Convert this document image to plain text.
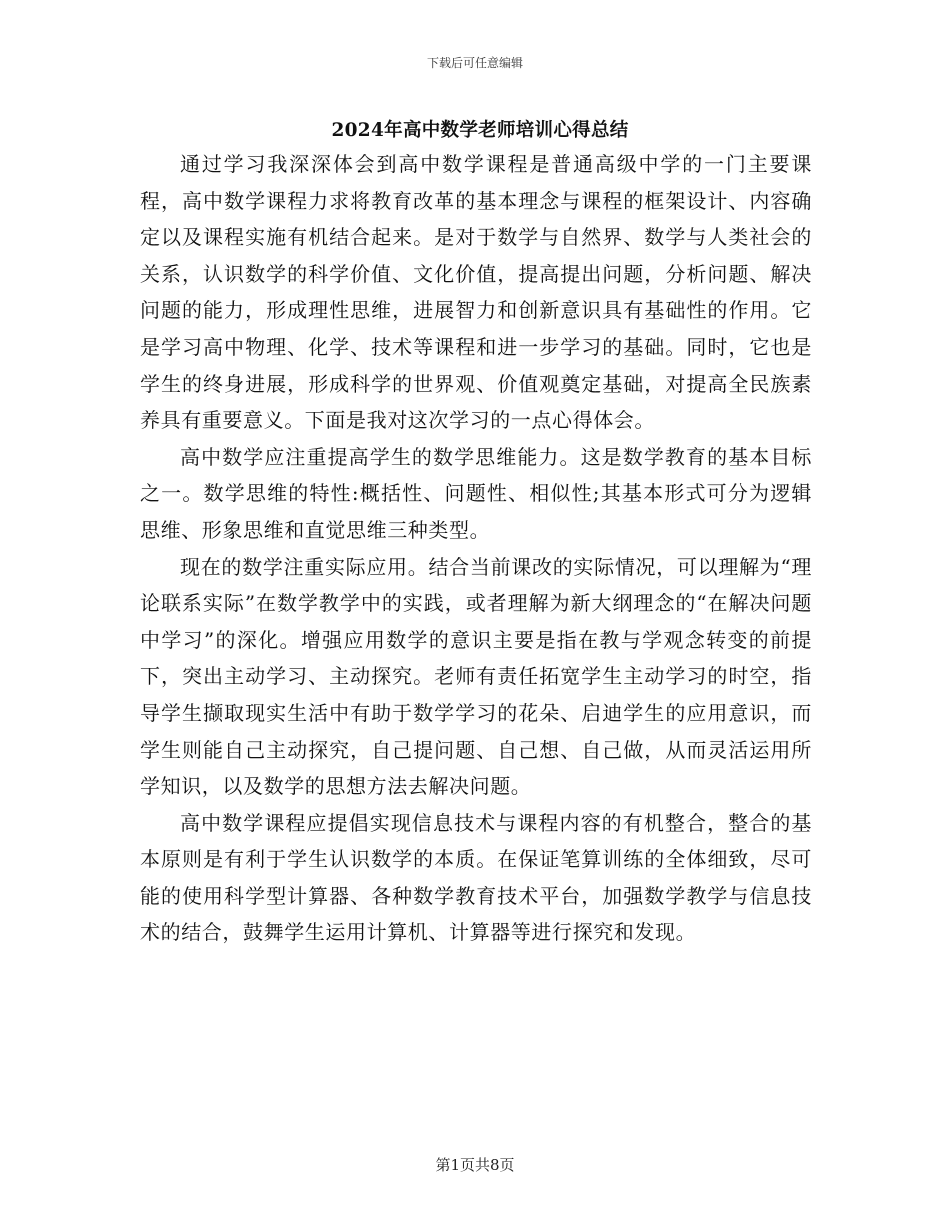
下载后可任意编辑
2024年高中数学老师培训心得总结

通过学习我深深体会到高中数学课程是普通高级中学的一门主要课程，高中数学课程力求将教育改革的基本理念与课程的框架设计、内容确定以及课程实施有机结合起来。是对于数学与自然界、数学与人类社会的关系，认识数学的科学价值、文化价值，提高提出问题，分析问题、解决问题的能力，形成理性思维，进展智力和创新意识具有基础性的作用。它是学习高中物理、化学、技术等课程和进一步学习的基础。同时，它也是学生的终身进展，形成科学的世界观、价值观奠定基础，对提高全民族素养具有重要意义。下面是我对这次学习的一点心得体会。

高中数学应注重提高学生的数学思维能力。这是数学教育的基本目标之一。数学思维的特性:概括性、问题性、相似性;其基本形式可分为逻辑思维、形象思维和直觉思维三种类型。

现在的数学注重实际应用。结合当前课改的实际情况，可以理解为“理论联系实际”在数学教学中的实践，或者理解为新大纲理念的“在解决问题中学习”的深化。增强应用数学的意识主要是指在教与学观念转变的前提下，突出主动学习、主动探究。老师有责任拓宽学生主动学习的时空，指导学生撷取现实生活中有助于数学学习的花朵、启迪学生的应用意识，而学生则能自己主动探究，自己提问题、自己想、自己做，从而灵活运用所学知识，以及数学的思想方法去解决问题。

高中数学课程应提倡实现信息技术与课程内容的有机整合，整合的基本原则是有利于学生认识数学的本质。在保证笔算训练的全体细致，尽可能的使用科学型计算器、各种数学教育技术平台，加强数学教学与信息技术的结合，鼓舞学生运用计算机、计算器等进行探究和发现。

第1页共8页
